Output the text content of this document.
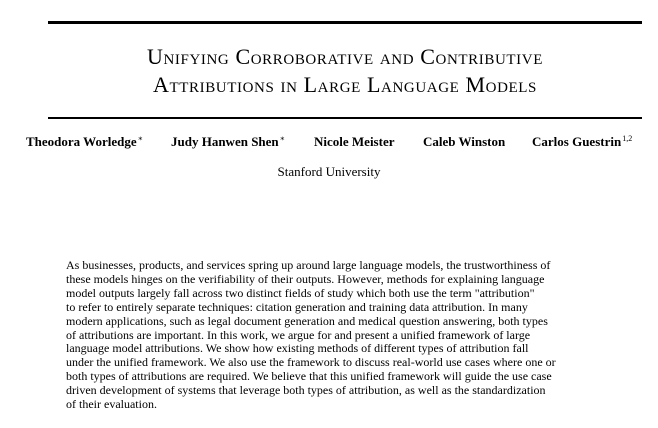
Unifying Corroborative and Contributive
Attributions in Large Language Models
Theodora Worledge∗ Judy Hanwen Shen∗ Nicole Meister Caleb Winston Carlos Guestrin$^{1,2}$
Stanford University
As businesses, products, and services spring up around large language models, the trustworthiness of
these models hinges on the verifiability of their outputs. However, methods for explaining language
model outputs largely fall across two distinct fields of study which both use the term "attribution"
to refer to entirely separate techniques: citation generation and training data attribution. In many
modern applications, such as legal document generation and medical question answering, both types
of attributions are important. In this work, we argue for and present a unified framework of large
language model attributions. We show how existing methods of different types of attribution fall
under the unified framework. We also use the framework to discuss real-world use cases where one or
both types of attributions are required. We believe that this unified framework will guide the use case
driven development of systems that leverage both types of attribution, as well as the standardization
of their evaluation.
